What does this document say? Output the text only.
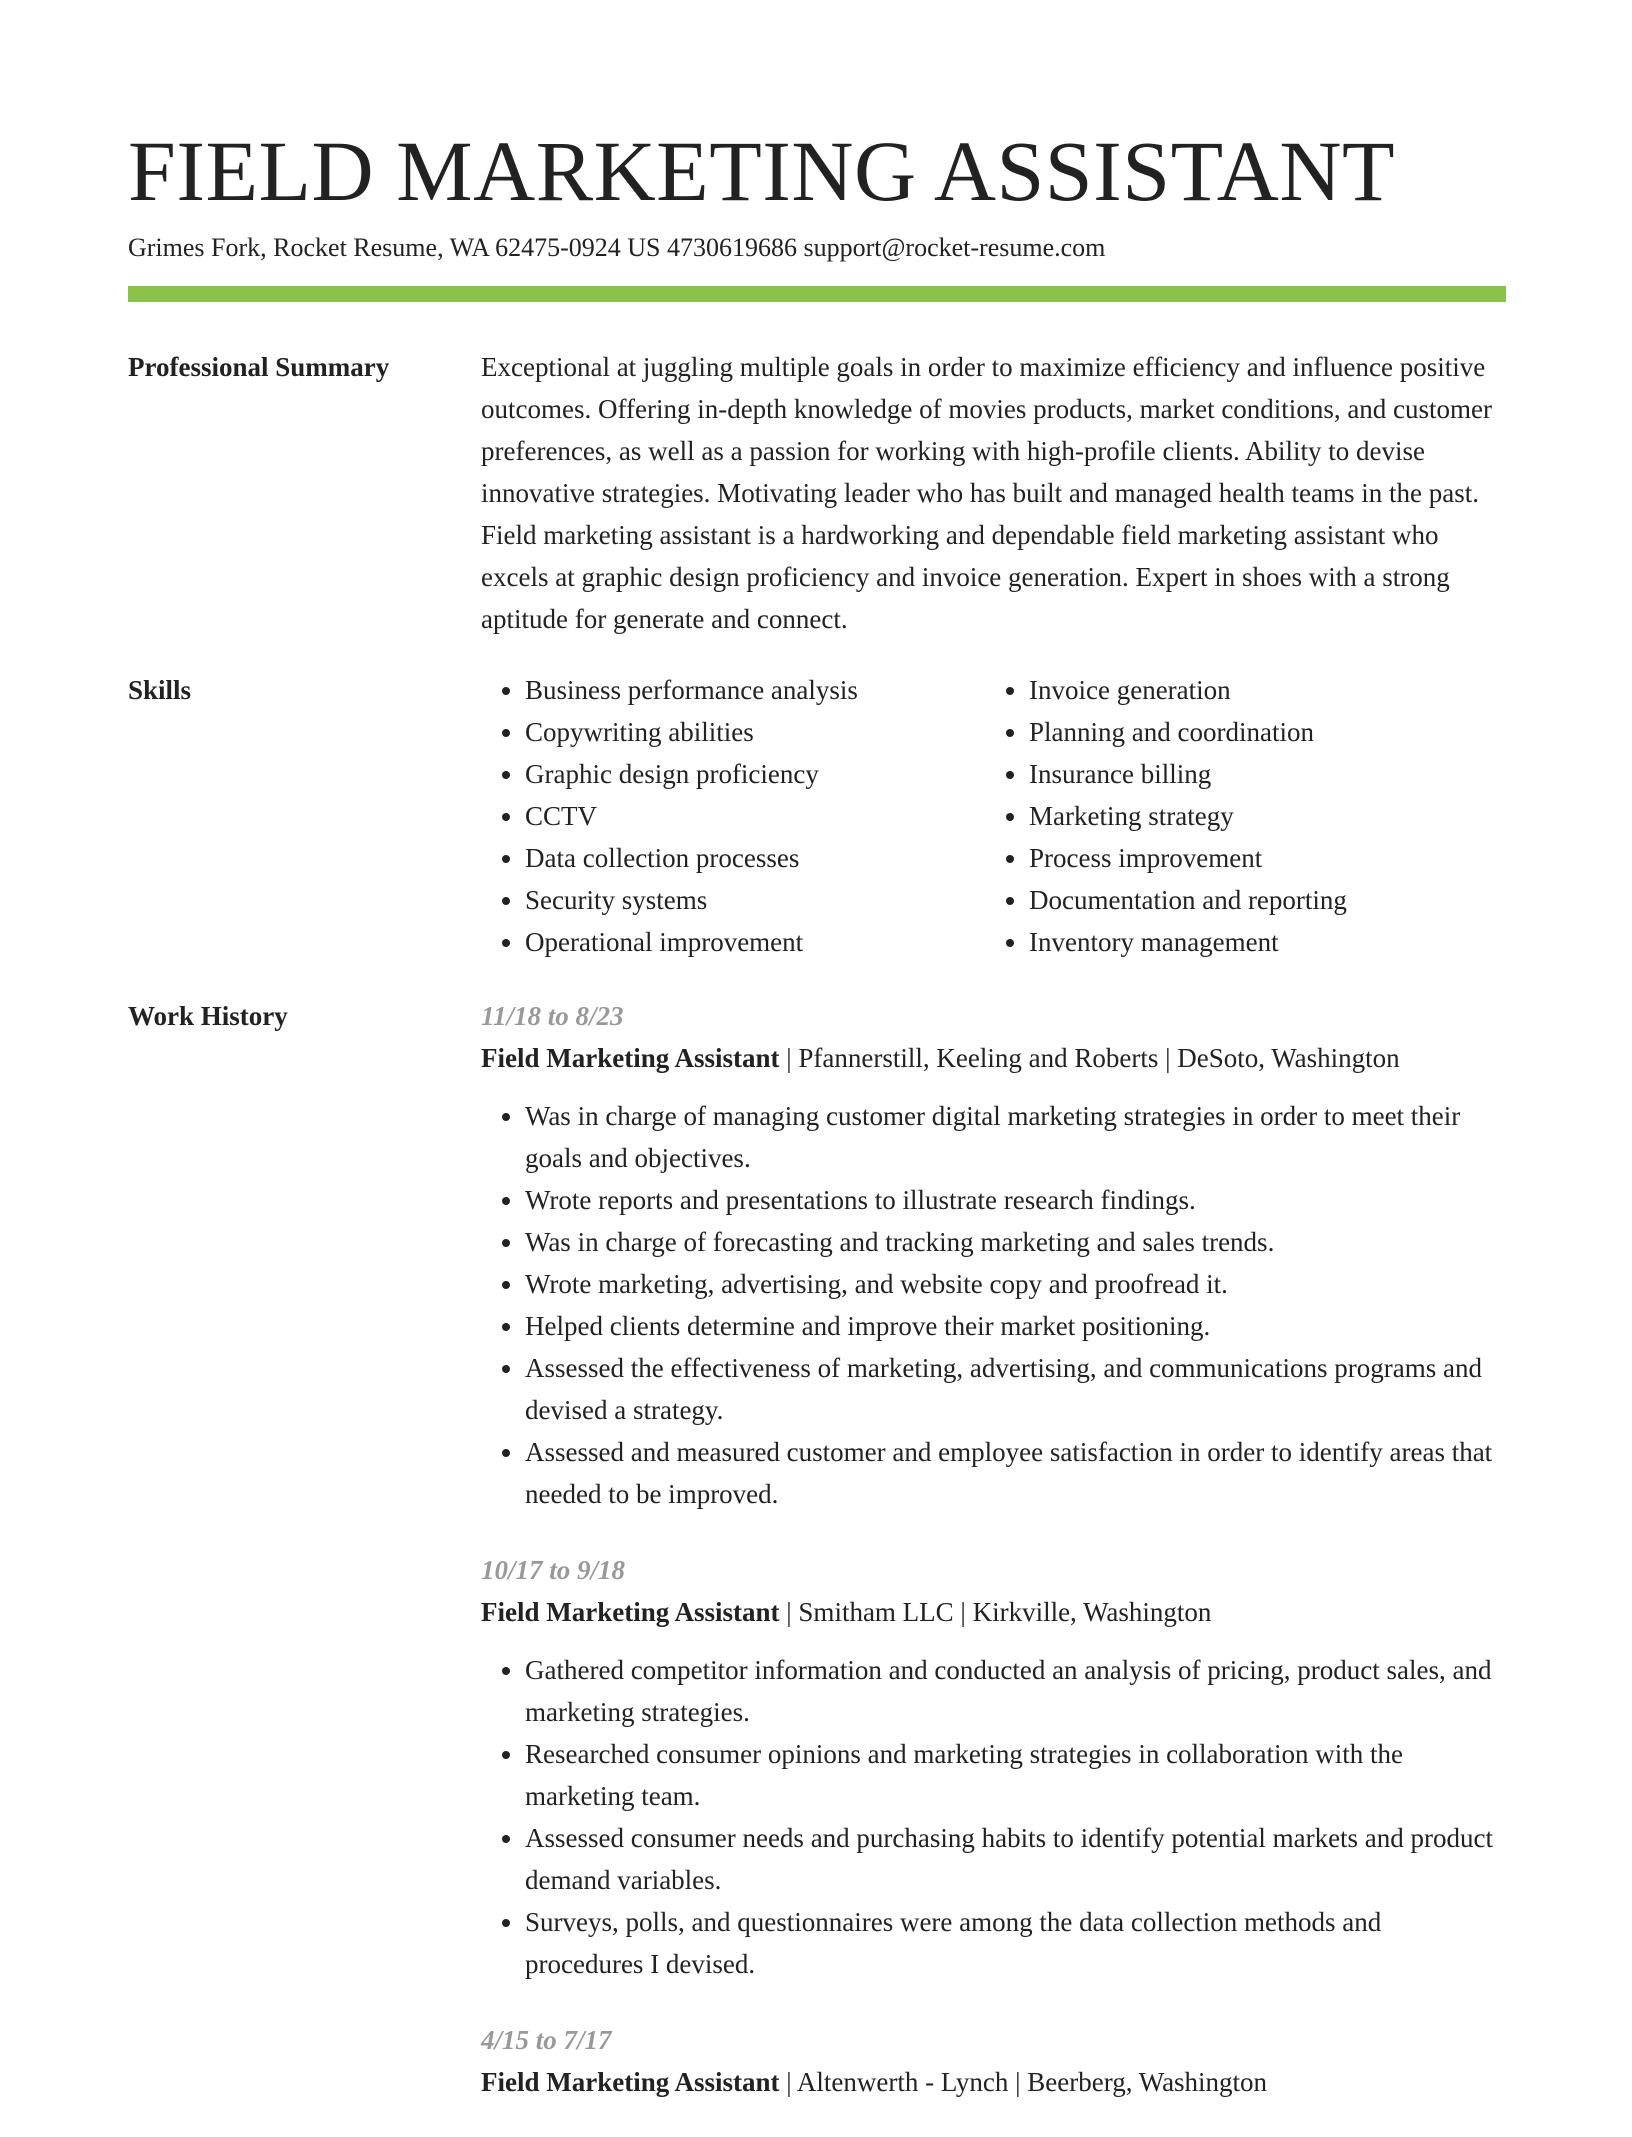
FIELD MARKETING ASSISTANT
Grimes Fork, Rocket Resume, WA 62475-0924 US 4730619686 support@rocket-resume.com
Professional Summary	Exceptional at juggling multiple goals in order to maximize efficiency and influence positive outcomes. Offering in-depth knowledge of movies products, market conditions, and customer preferences, as well as a passion for working with high-profile clients. Ability to devise innovative strategies. Motivating leader who has built and managed health teams in the past. Field marketing assistant is a hardworking and dependable field marketing assistant who excels at graphic design proficiency and invoice generation. Expert in shoes with a strong aptitude for generate and connect.

Skills
•	Business performance analysis
• Copywriting abilities
• Graphic design proficiency
• CCTV
• Data collection processes
• Security systems
• Operational improvement
• Invoice generation
• Planning and coordination
• Insurance billing
• Marketing strategy
• Process improvement
• Documentation and reporting
• Inventory management
Work History	11/18 to 8/23
Field Marketing Assistant | Pfannerstill, Keeling and Roberts | DeSoto, Washington
• Was in charge of managing customer digital marketing strategies in order to meet their goals and objectives.
• Wrote reports and presentations to illustrate research findings.
• Was in charge of forecasting and tracking marketing and sales trends.
• Wrote marketing, advertising, and website copy and proofread it.
• Helped clients determine and improve their market positioning.
• Assessed the effectiveness of marketing, advertising, and communications programs and devised a strategy.
• Assessed and measured customer and employee satisfaction in order to identify areas that needed to be improved.
10/17 to 9/18
Field Marketing Assistant | Smitham LLC | Kirkville, Washington
• Gathered competitor information and conducted an analysis of pricing, product sales, and marketing strategies.
• Researched consumer opinions and marketing strategies in collaboration with the marketing team.
• Assessed consumer needs and purchasing habits to identify potential markets and product demand variables.
• Surveys, polls, and questionnaires were among the data collection methods and procedures I devised.
4/15 to 7/17
Field Marketing Assistant | Altenwerth - Lynch | Beerberg, Washington
